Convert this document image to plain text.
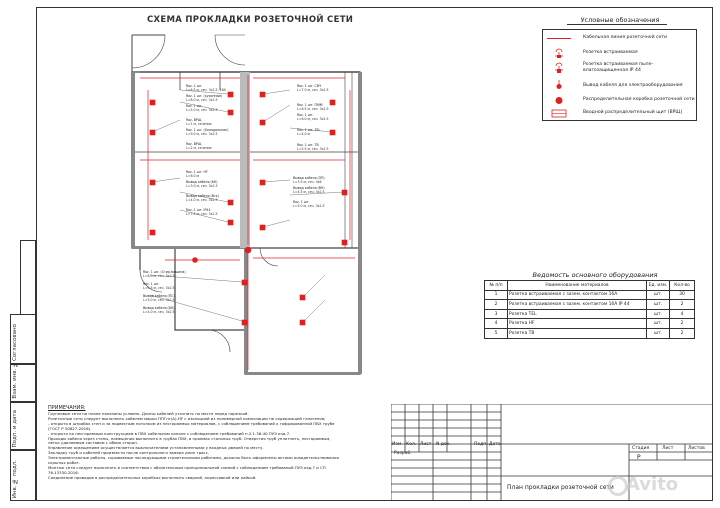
Согласовано
Взам. инв. №
Подп. и дата
Инв. № подл.
СХЕМА ПРОКЛАДКИ РОЗЕТОЧНОЙ СЕТИ
Roz. 1 шт.
L=6.5 м, сеч. 3x2.5, 16А
Roz. 1 шт. (кухонные)
L=8.0 м, сеч. 3x2.5
Roz. 1 шт.
L=5.0 м, сеч. 3x2.5
Roz. ВРЩ
L=1 м, сечение
Roz. 1 шт. (Холодильник)
L=9.0 м, сеч. 3x2.5
Roz. ВРЩ
L=2 м, сечение
Roz. 1 шт. СВЧ
L=7.0 м, сеч. 3x2.5
Roz. 1 шт. ПММ
L=8.5 м, сеч. 3x2.5
Roz. 1 шт.
L=6.0 м, сеч. 3x2.5
Roz. 1 шт. TEL
L=4.0 м
Roz. 1 шт. ТВ
L=5.5 м, сеч. 3x2.5
Roz. 1 шт. HF
L=6.0 м
Вывод кабеля (БК)
L=3.0 м, сеч. 3x2.5
Вывод кабеля (Вск)
L=4.0 м, сеч. 3x2.5
Roz. 1 шт. IP44
L=7.5 м, сеч. 3x2.5
Вывод кабеля (ЭП)
L=3.5 м, сеч. 3x6
Вывод кабеля (ВН)
L=4.5 м, сеч. 3x2.5
Roz. 1 шт.
L=5.0 м, сеч. 3x2.5
Roz. 1 шт. (Стир.машина)
L=8.0 м, сеч. 3x2.5
Roz. 1 шт.
L=6.5 м, сеч. 3x2.5
Вывод кабеля (ПС)
L=5.0 м, сеч. 3x2.5
Вывод кабеля (БК)
L=4.0 м, сеч. 3x2.5
Условные обозначения
Кабельная линия розеточной сети
Розетка встраиваемая
Розетка встраиваемая пыле-влагозащищенная IP 44
Вывод кабеля для электрооборудования
Распределительная коробка розеточной сети
Вводной распределительный щит (ВРЩ)
Ведомость основного оборудования
№ п/п	Наименование материалов	Ед. изм.	Кол-во
1	Розетка встраиваемая с зазем. контактом 16А	шт.	30
2	Розетка встраиваемая с зазем. контактом 16А IP 44	шт.	2
3	Розетка TEL	шт.	4
4	Розетка HF	шт.	2
5	Розетка ТВ	шт.	2
ПРИМЕЧАНИЯ:
Групповые сети на плане показаны условно. Длины кабелей уточнить на месте перед нарезкой.
Розеточные сети следует выполнить кабелем марки ППГнг(А)-HF с изоляцией из полимерной композиции не содержащей галогенов;
- открыто в штрабах стен и за подвесным потолком из несгораемых материалов, с соблюдением требований к гофрированной ПВХ трубе
(ГОСТ Р 50827-2016).
- открыто по несгораемым конструкциям в ПВХ кабельном канале с соблюдением требований п.2.1.36-40 ПУЭ изд.7.
Проходы кабеля через стены, помещения выполнить в трубах ПВХ, в проемах стальных труб. Отверстия труб уплотнить, несгораемым,
легко удаляемым составом с обеих сторон.
Управление освещением осуществляется выключателями установленными у входных дверей по месту.
Закладку труб и кабелей произвести после контрольного замера длин трасс.
Электромонтажные работы, скрываемые последующими строительными работами, должны быть оформлены актами освидетельствования
скрытых работ.
Монтаж сети следует выполнять в соответствии с обязательным принципиальной схемой с соблюдением требований ПУЭ изд.7 и СП
76.13330.2016.
Соединение проводов в распределительных коробках выполнить сваркой, опрессовкой или пайкой.
Изм Кол. Лист N док.	Подп. Дата
Разраб.
Стадия	Лист	Листов
Р
План прокладки розеточной сети Avito
